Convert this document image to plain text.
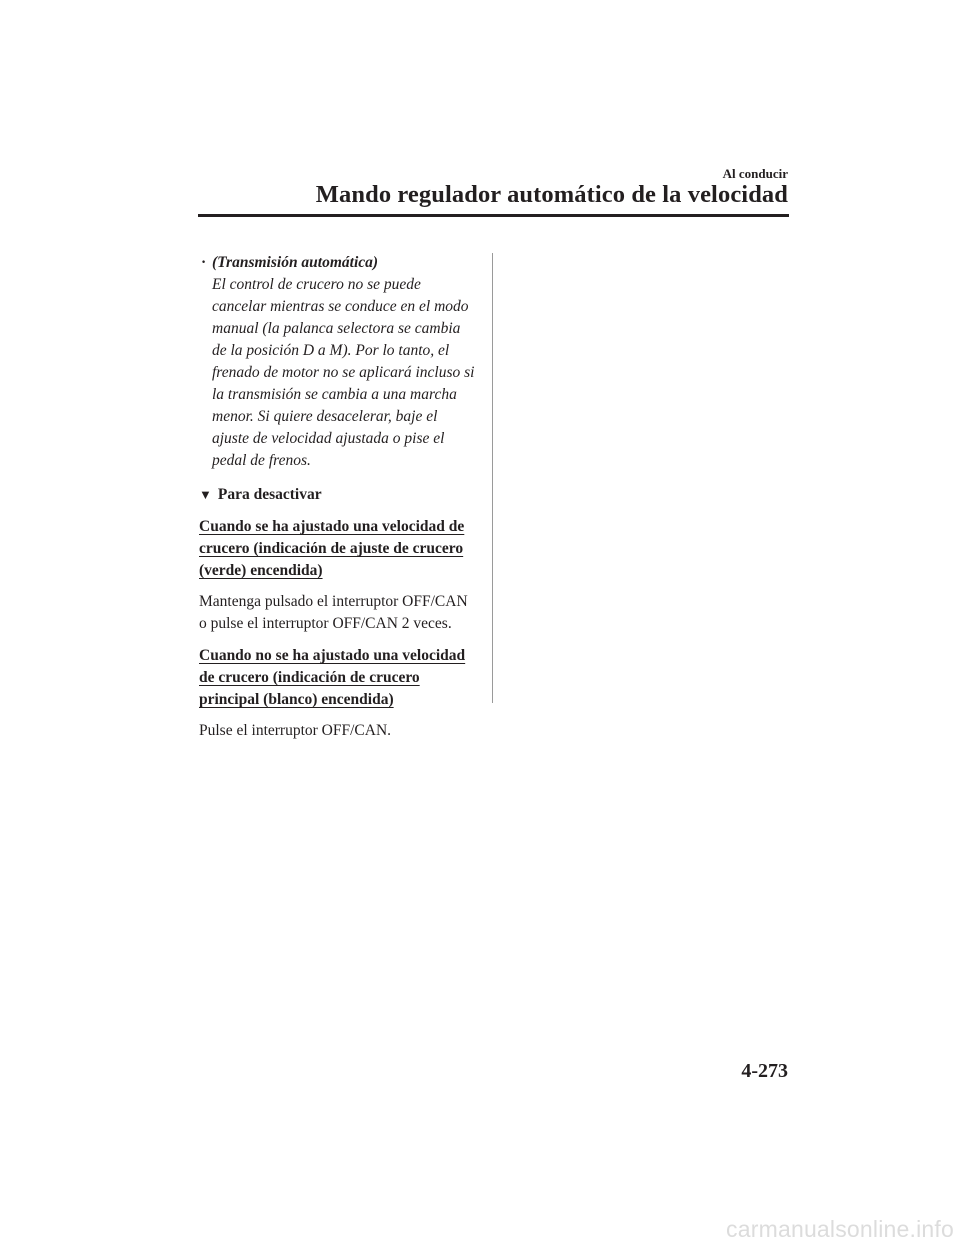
Al conducir

Mando regulador automático de la velocidad
· (Transmisión automática)

El control de crucero no se puede cancelar mientras se conduce en el modo manual (la palanca selectora se cambia de la posición D a M). Por lo tanto, el frenado de motor no se aplicará incluso si la transmisión se cambia a una marcha menor. Si quiere desacelerar, baje el ajuste de velocidad ajustada o pise el pedal de frenos.

▼ Para desactivar

Cuando se ha ajustado una velocidad de crucero (indicación de ajuste de crucero (verde) encendida)

Mantenga pulsado el interruptor OFF/CAN o pulse el interruptor OFF/CAN 2 veces.

Cuando no se ha ajustado una velocidad de crucero (indicación de crucero principal (blanco) encendida)

Pulse el interruptor OFF/CAN.

4-273

carmanualsonline.info
